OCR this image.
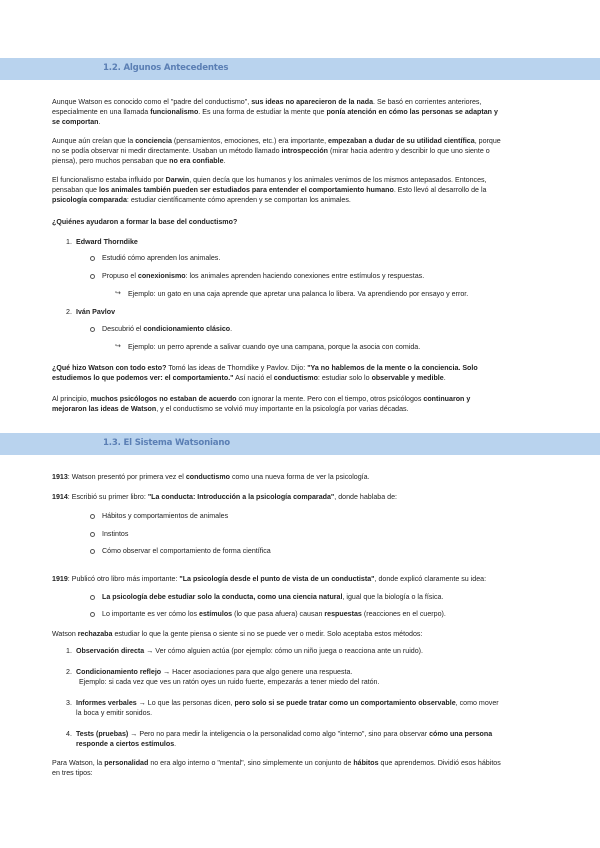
1.2. Algunos Antecedentes
Aunque Watson es conocido como el "padre del conductismo", sus ideas no aparecieron de la nada. Se basó en corrientes anteriores,
especialmente en una llamada funcionalismo. Es una forma de estudiar la mente que ponía atención en cómo las personas se adaptan y
se comportan.
Aunque aún creían que la conciencia (pensamientos, emociones, etc.) era importante, empezaban a dudar de su utilidad científica, porque
no se podía observar ni medir directamente. Usaban un método llamado introspección (mirar hacia adentro y describir lo que uno siente o
piensa), pero muchos pensaban que no era confiable.
El funcionalismo estaba influido por Darwin, quien decía que los humanos y los animales venimos de los mismos antepasados. Entonces,
pensaban que los animales también pueden ser estudiados para entender el comportamiento humano. Esto llevó al desarrollo de la
psicología comparada: estudiar científicamente cómo aprenden y se comportan los animales.
¿Quiénes ayudaron a formar la base del conductismo?
1. Edward Thorndike
Estudió cómo aprenden los animales.
Propuso el conexionismo: los animales aprenden haciendo conexiones entre estímulos y respuestas.
↪ Ejemplo: un gato en una caja aprende que apretar una palanca lo libera. Va aprendiendo por ensayo y error.
2. Iván Pavlov
Descubrió el condicionamiento clásico.
↪ Ejemplo: un perro aprende a salivar cuando oye una campana, porque la asocia con comida.
¿Qué hizo Watson con todo esto? Tomó las ideas de Thorndike y Pavlov. Dijo: "Ya no hablemos de la mente o la conciencia. Solo
estudiemos lo que podemos ver: el comportamiento." Así nació el conductismo: estudiar solo lo observable y medible.
Al principio, muchos psicólogos no estaban de acuerdo con ignorar la mente. Pero con el tiempo, otros psicólogos continuaron y
mejoraron las ideas de Watson, y el conductismo se volvió muy importante en la psicología por varias décadas.
1.3. El Sistema Watsoniano
1913: Watson presentó por primera vez el conductismo como una nueva forma de ver la psicología.
1914: Escribió su primer libro: "La conducta: Introducción a la psicología comparada", donde hablaba de:
Hábitos y comportamientos de animales
Instintos
Cómo observar el comportamiento de forma científica
1919: Publicó otro libro más importante: "La psicología desde el punto de vista de un conductista", donde explicó claramente su idea:
La psicología debe estudiar solo la conducta, como una ciencia natural, igual que la biología o la física.
Lo importante es ver cómo los estímulos (lo que pasa afuera) causan respuestas (reacciones en el cuerpo).
Watson rechazaba estudiar lo que la gente piensa o siente si no se puede ver o medir. Solo aceptaba estos métodos:
1. Observación directa → Ver cómo alguien actúa (por ejemplo: cómo un niño juega o reacciona ante un ruido).
2. Condicionamiento reflejo → Hacer asociaciones para que algo genere una respuesta.
Ejemplo: si cada vez que ves un ratón oyes un ruido fuerte, empezarás a tener miedo del ratón.
3. Informes verbales → Lo que las personas dicen, pero solo si se puede tratar como un comportamiento observable, como mover
la boca y emitir sonidos.
4. Tests (pruebas) → Pero no para medir la inteligencia o la personalidad como algo "interno", sino para observar cómo una persona
responde a ciertos estímulos.
Para Watson, la personalidad no era algo interno o "mental", sino simplemente un conjunto de hábitos que aprendemos. Dividió esos hábitos
en tres tipos:
